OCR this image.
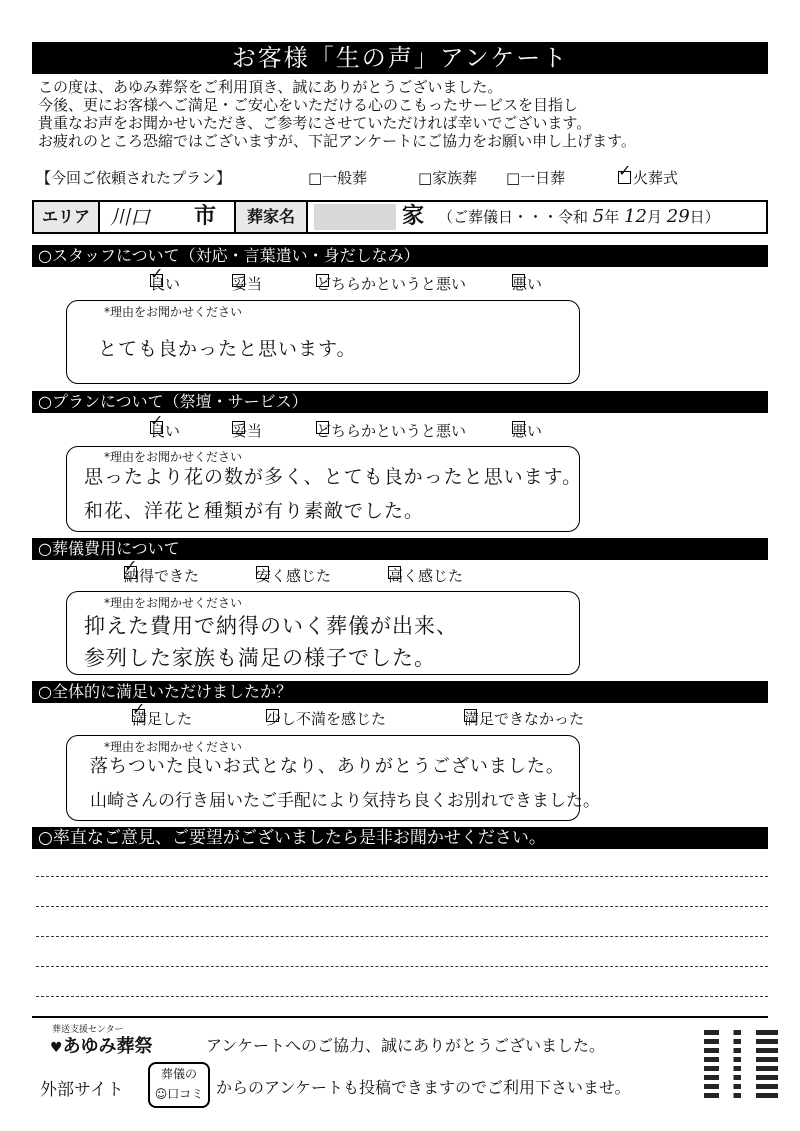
お客様「生の声」アンケート
この度は、あゆみ葬祭をご利用頂き、誠にありがとうございました。
今後、更にお客様へご満足・ご安心をいただける心のこもったサービスを目指し
貴重なお声をお聞かせいただき、ご参考にさせていただければ幸いでございます。
お疲れのところ恐縮ではございますが、下記アンケートにご協力をお願い申し上げます。
【今回ご依頼されたプラン】	□一般葬	□家族葬 □一日葬
✓	火葬式
エリア	川口	市	葬家名	家 （ご葬儀日・・・令和 5年 12月 29日）
○スタッフについて（対応・言葉遣い・身だしなみ）
✓
良い	妥当	どちらかというと悪い	悪い
*理由をお聞かせください
とても良かったと思います。
○プランについて（祭壇・サービス）
✓
良い	妥当	どちらかというと悪い	悪い
*理由をお聞かせください
思ったより花の数が多く、とても良かったと思います。
和花、洋花と種類が有り素敵でした。
○葬儀費用について
✓
納得できた	安く感じた	高く感じた
*理由をお聞かせください
抑えた費用で納得のいく葬儀が出来、
参列した家族も満足の様子でした。
○全体的に満足いただけましたか？
✓
満足した	少し不満を感じた	満足できなかった
*理由をお聞かせください
落ちついた良いお式となり、ありがとうございました。
山崎さんの行き届いたご手配により気持ち良くお別れできました。
○率直なご意見、ご要望がございましたら是非お聞かせください。
葬送支援センター
♥あゆみ葬祭	アンケートへのご協力、誠にありがとうございました。
外部サイト
葬儀の
☺口コミ からのアンケートも投稿できますのでご利用下さいませ。
